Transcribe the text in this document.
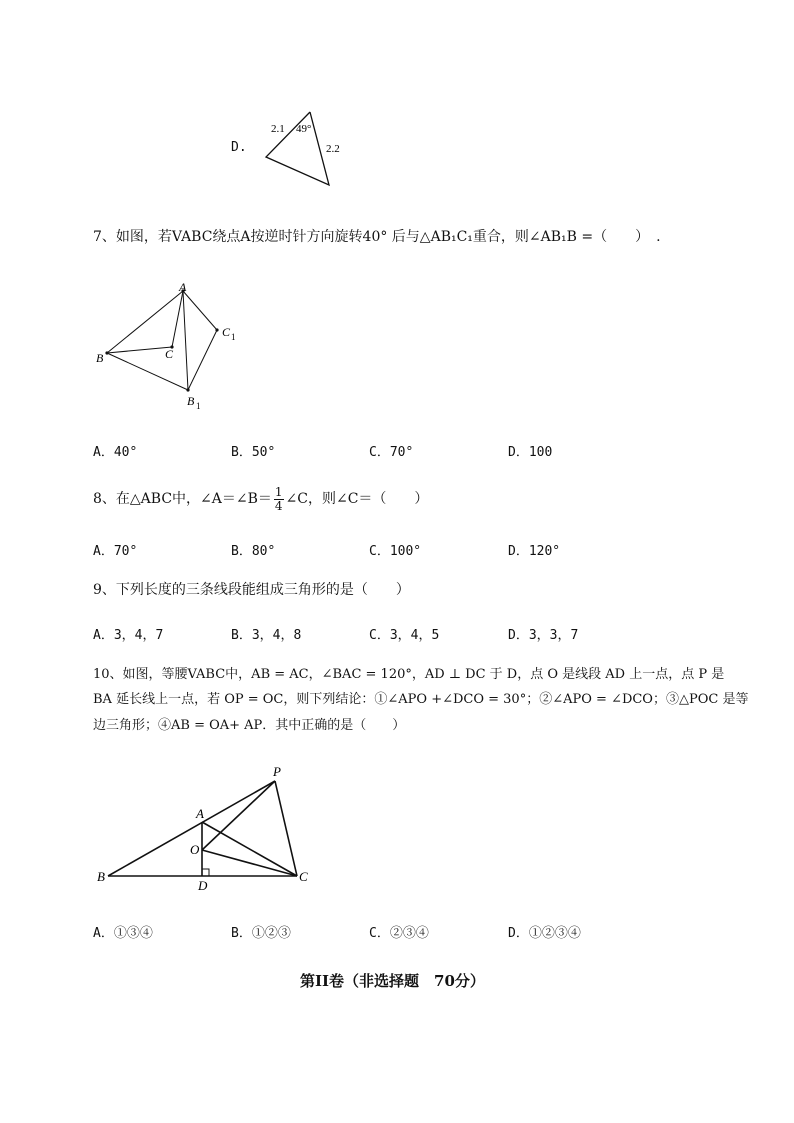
D.
2.1 49°
2.2
7、如图，若VABC绕点A按逆时针方向旋转40° 后与△AB₁C₁重合，则∠AB₁B =（　　）　.
A
B	C
C 1
B 1
A．40°	B．50°	C．70°	D．100
8、在△ABC中，∠A＝∠B＝ $\frac{1}{4}$ ∠C，则∠C＝（　　）
A．70°	B．80°	C．100°	D．120°
9、下列长度的三条线段能组成三角形的是（　　）
A．3，4，7	B．3，4，8	C．3，4，5	D．3，3，7
10、如图，等腰VABC中，AB = AC，∠BAC = 120°，AD ⊥ DC 于 D，点 O 是线段 AD 上一点，点 P 是
BA 延长线上一点，若 OP = OC，则下列结论：①∠APO +∠DCO = 30°；②∠APO = ∠DCO；③△POC 是等
边三角形；④AB = OA+ AP．其中正确的是（　　）
P
A
O
B
D
C
A．①③④	B．①②③	C．②③④	D．①②③④
第II卷（非选择题　70分）
